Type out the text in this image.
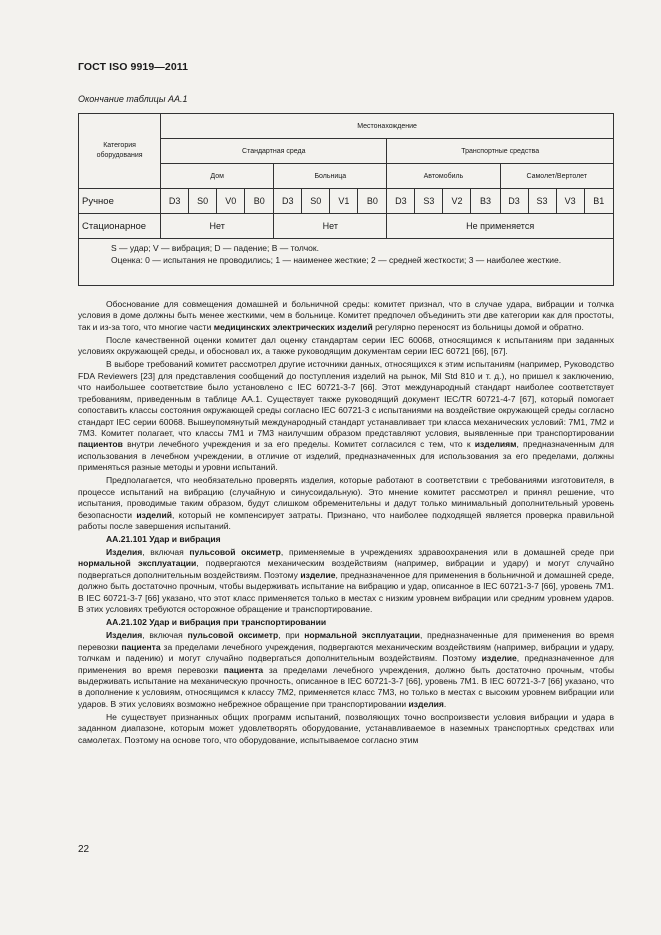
ГОСТ ISO 9919—2011
Окончание таблицы АА.1
Категория оборудования	Местонахождение															
	Стандартная среда								Транспортные средства							
	Дом				Больница				Автомобиль				Самолет/Вертолет			
Ручное	D3	S0	V0	B0	D3	S0	V1	B0	D3	S3	V2	B3	D3	S3	V3	B1
Стационарное	Нет				Нет				Не применяется							

S — удар; V — вибрация; D — падение; B — толчок.

Оценка: 0 — испытания не проводились; 1 — наименее жесткие; 2 — средней жесткости; 3 — наиболее жесткие.																

Обоснование для совмещения домашней и больничной среды: комитет признал, что в случае удара, вибрации и толчка условия в доме должны быть менее жесткими, чем в больнице. Комитет предпочел объединить эти две категории как для простоты, так и из-за того, что многие части медицинских электрических изделий регулярно переносят из больницы домой и обратно.

После качественной оценки комитет дал оценку стандартам серии IEC 60068, относящимся к испытаниям при заданных условиях окружающей среды, и обосновал их, а также руководящим документам серии IEC 60721 [66], [67].

В выборе требований комитет рассмотрел другие источники данных, относящихся к этим испытаниям (например, Руководство FDA Reviewers [23] для представления сообщений до поступления изделий на рынок, Mil Std 810 и т. д.), но пришел к заключению, что наибольшее соответствие было установлено с IEC 60721-3-7 [66]. Этот международный стандарт наиболее соответствует требованиям, приведенным в таблице АА.1. Существует также руководящий документ IEC/TR 60721-4-7 [67], который помогает сопоставить классы состояния окружающей среды согласно IEC 60721-3 с испытаниями на воздействие окружающей среды согласно стандарт IEC серии 60068. Вышеупомянутый международный стандарт устанавливает три класса механических условий: 7M1, 7M2 и 7M3. Комитет полагает, что классы 7M1 и 7M3 наилучшим образом представляют условия, выявленные при транспортировании пациентов внутри лечебного учреждения и за его пределы. Комитет согласился с тем, что к изделиям, предназначенным для использования в лечебном учреждении, в отличие от изделий, предназначенных для использования за его пределами, должны применяться разные методы и уровни испытаний.

Предполагается, что необязательно проверять изделия, которые работают в соответствии с требованиями изготовителя, в процессе испытаний на вибрацию (случайную и синусоидальную). Это мнение комитет рассмотрел и принял решение, что испытания, проводимые таким образом, будут слишком обременительны и дадут только минимальный дополнительный уровень безопасности изделий, который не компенсирует затраты. Признано, что наиболее подходящей является проверка правильной работы после завершения испытаний.

АА.21.101 Удар и вибрация

Изделия, включая пульсовой оксиметр, применяемые в учреждениях здравоохранения или в домашней среде при нормальной эксплуатации, подвергаются механическим воздействиям (например, вибрации и удару) и могут случайно подвергаться дополнительным воздействиям. Поэтому изделие, предназначенное для применения в больничной и домашней среде, должно быть достаточно прочным, чтобы выдерживать испытание на вибрацию и удар, описанное в IEC 60721-3-7 [66], уровень 7M1. В IEC 60721-3-7 [66] указано, что этот класс применяется только в местах с низким уровнем вибрации или средним уровнем ударов. В этих условиях требуются осторожное обращение и транспортирование.

АА.21.102 Удар и вибрация при транспортировании

Изделия, включая пульсовой оксиметр, при нормальной эксплуатации, предназначенные для применения во время перевозки пациента за пределами лечебного учреждения, подвергаются механическим воздействиям (например, вибрации и удару, толчкам и падению) и могут случайно подвергаться дополнительным воздействиям. Поэтому изделие, предназначенное для применения во время перевозки пациента за пределами лечебного учреждения, должно быть достаточно прочным, чтобы выдерживать испытание на механическую прочность, описанное в IEC 60721-3-7 [66], уровень 7M1. В IEC 60721-3-7 [66] указано, что в дополнение к условиям, относящимся к классу 7M2, применяется класс 7M3, но только в местах с высоким уровнем вибрации или ударов. В этих условиях возможно небрежное обращение при транспортировании изделия.

Не существует признанных общих программ испытаний, позволяющих точно воспроизвести условия вибрации и удара в заданном диапазоне, которым может удовлетворять оборудование, устанавливаемое в наземных транспортных средствах или самолетах. Поэтому на основе того, что оборудование, испытываемое согласно этим

22
